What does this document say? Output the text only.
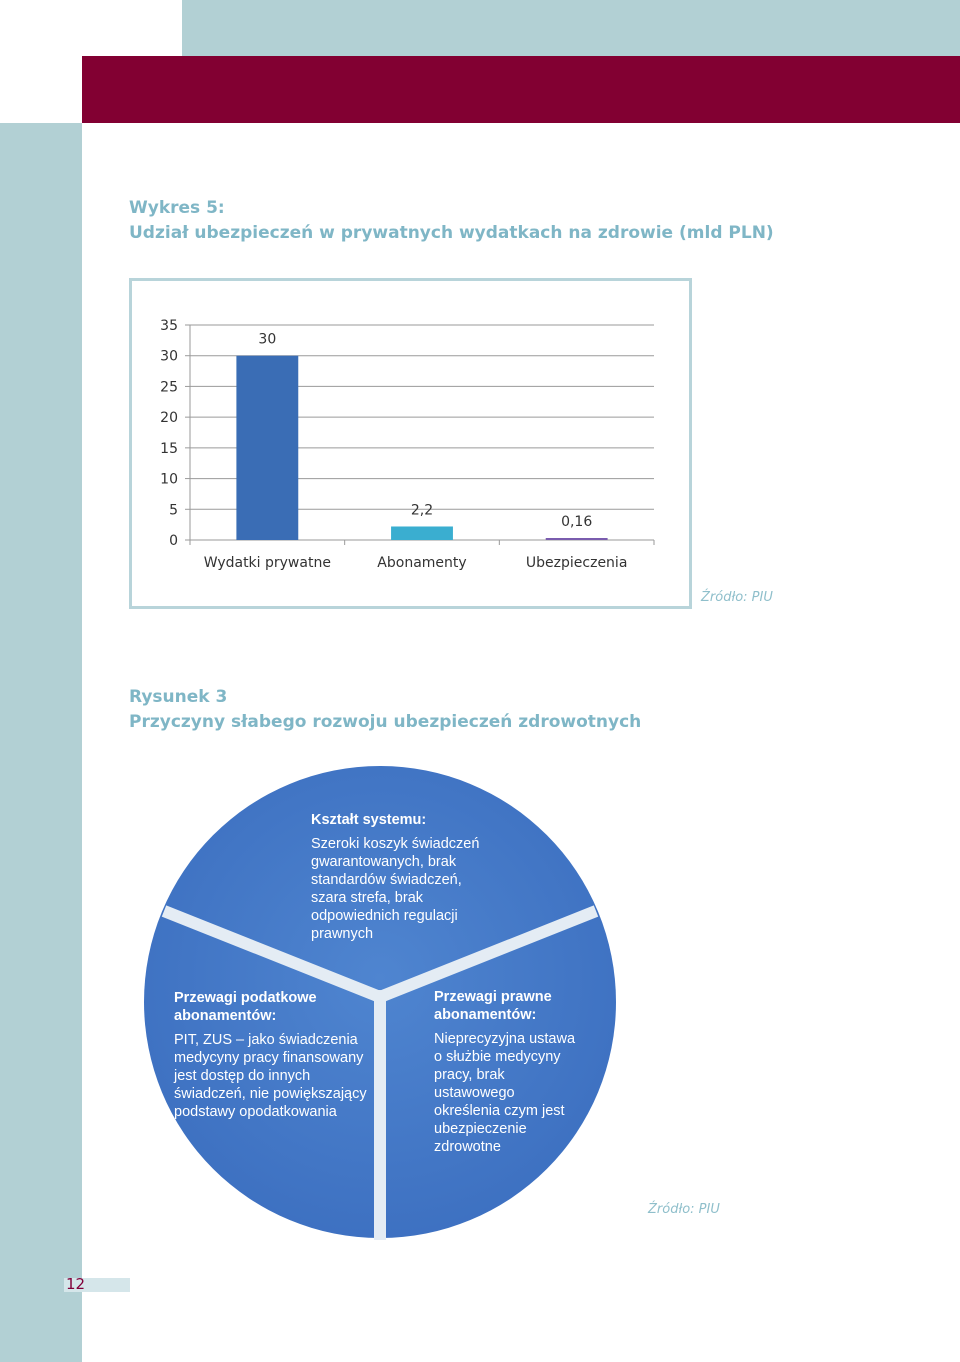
Wykres 5:
Udział ubezpieczeń w prywatnych wydatkach na zdrowie (mld PLN)
0
5
10
15
20
25
30
35
30
Wydatki prywatne
2,2
Abonamenty
0,16
Ubezpieczenia
Źródło: PIU
Rysunek 3
Przyczyny słabego rozwoju ubezpieczeń zdrowotnych
Kształt systemu:
Szeroki koszyk świadczeń
gwarantowanych, brak
standardów świadczeń,
szara strefa, brak
odpowiednich regulacji
prawnych
Przewagi podatkowe
abonamentów:
PIT, ZUS – jako świadczenia
medycyny pracy finansowany
jest dostęp do innych
świadczeń, nie powiększający
podstawy opodatkowania
Przewagi prawne
abonamentów:
Nieprecyzyjna ustawa
o służbie medycyny
pracy, brak
ustawowego
określenia czym jest
ubezpieczenie
zdrowotne
Źródło: PIU
12
